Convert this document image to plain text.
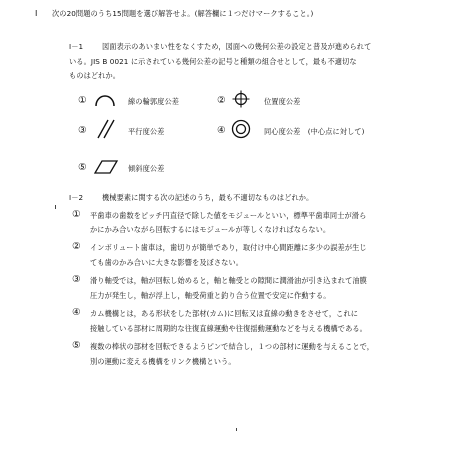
I 次の20問題のうち15問題を選び解答せよ。(解答欄に１つだけマークすること。)
I－1	図面表示のあいまい性をなくすため，図面への幾何公差の設定と普及が進められて
いる。JIS B 0021 に示されている幾何公差の記号と種類の組合せとして，最も不適切な
ものはどれか。
①	線の輪郭度公差	②	位置度公差
③	平行度公差	④	同心度公差　(中心点に対して)
⑤	傾斜度公差
I－2	機械要素に関する次の記述のうち，最も不適切なものはどれか。
① 平歯車の歯数をピッチ円直径で除した値をモジュールといい，標準平歯車同士が滑ら
かにかみ合いながら回転するにはモジュールが等しくなければならない。
② インボリュート歯車は，歯切りが簡単であり，取付け中心間距離に多少の誤差が生じ
ても歯のかみ合いに大きな影響を及ぼさない。
③ 滑り軸受では，軸が回転し始めると，軸と軸受との隙間に潤滑油が引き込まれて油膜
圧力が発生し，軸が浮上し，軸受荷重と釣り合う位置で安定に作動する。
④ カム機構とは，ある形状をした部材(カム)に回転又は直線の動きをさせて，これに
接触している部材に周期的な往復直線運動や往復揺動運動などを与える機構である。
⑤ 複数の棒状の部材を回転できるようピンで結合し，１つの部材に運動を与えることで，
別の運動に変える機構をリンク機構という。
